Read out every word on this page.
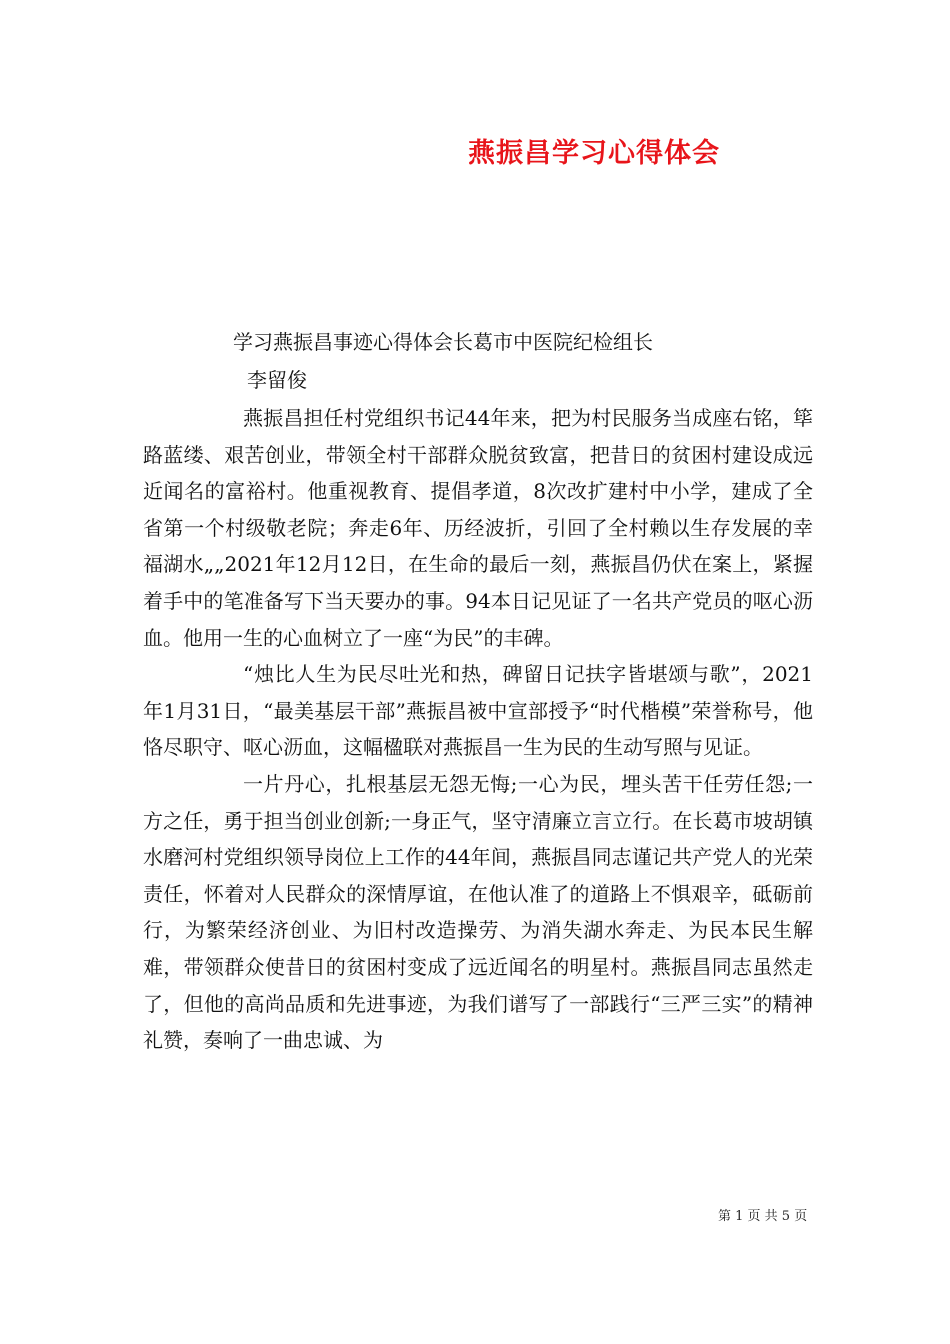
燕振昌学习心得体会
学习燕振昌事迹心得体会长葛市中医院纪检组长
李留俊

燕振昌担任村党组织书记44年来，把为村民服务当成座右铭，筚路蓝缕、艰苦创业，带领全村干部群众脱贫致富，把昔日的贫困村建设成远近闻名的富裕村。他重视教育、提倡孝道，8次改扩建村中小学，建成了全省第一个村级敬老院；奔走6年、历经波折，引回了全村赖以生存发展的幸福湖水„„2021年12月12日，在生命的最后一刻，燕振昌仍伏在案上，紧握着手中的笔准备写下当天要办的事。94本日记见证了一名共产党员的呕心沥血。他用一生的心血树立了一座“为民”的丰碑。

“烛比人生为民尽吐光和热，碑留日记扶字皆堪颂与歌”，2021年1月31日，“最美基层干部”燕振昌被中宣部授予“时代楷模”荣誉称号，他恪尽职守、呕心沥血，这幅楹联对燕振昌一生为民的生动写照与见证。

一片丹心，扎根基层无怨无悔;一心为民，埋头苦干任劳任怨;一方之任，勇于担当创业创新;一身正气，坚守清廉立言立行。在长葛市坡胡镇水磨河村党组织领导岗位上工作的44年间，燕振昌同志谨记共产党人的光荣责任，怀着对人民群众的深情厚谊，在他认准了的道路上不惧艰辛，砥砺前行，为繁荣经济创业、为旧村改造操劳、为消失湖水奔走、为民本民生解难，带领群众使昔日的贫困村变成了远近闻名的明星村。燕振昌同志虽然走了，但他的高尚品质和先进事迹，为我们谱写了一部践行“三严三实”的精神礼赞，奏响了一曲忠诚、为

第 1 页 共 5 页
